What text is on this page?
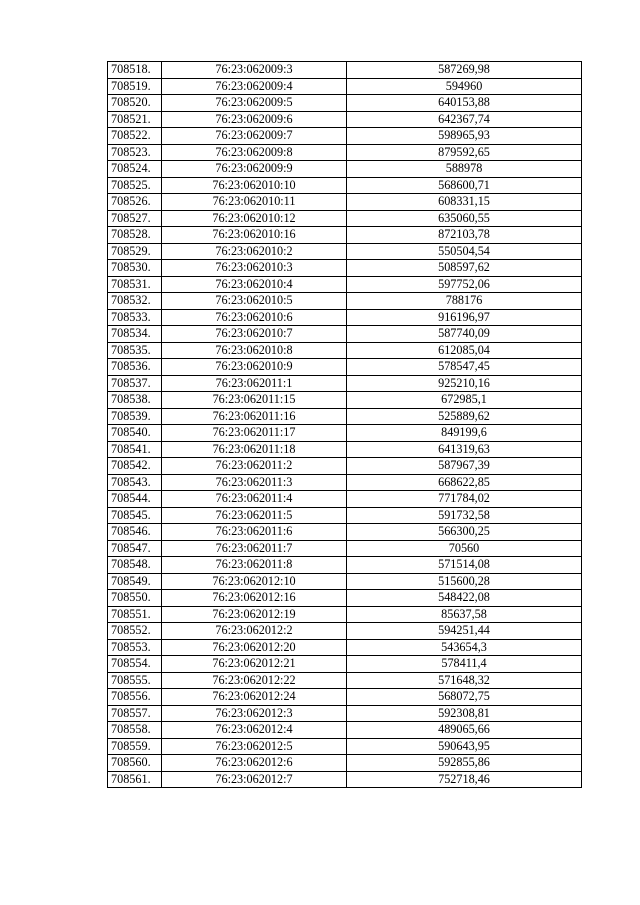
708518.	76:23:062009:3	587269,98
708519.	76:23:062009:4	594960
708520.	76:23:062009:5	640153,88
708521.	76:23:062009:6	642367,74
708522.	76:23:062009:7	598965,93
708523.	76:23:062009:8	879592,65
708524.	76:23:062009:9	588978
708525.	76:23:062010:10	568600,71
708526.	76:23:062010:11	608331,15
708527.	76:23:062010:12	635060,55
708528.	76:23:062010:16	872103,78
708529.	76:23:062010:2	550504,54
708530.	76:23:062010:3	508597,62
708531.	76:23:062010:4	597752,06
708532.	76:23:062010:5	788176
708533.	76:23:062010:6	916196,97
708534.	76:23:062010:7	587740,09
708535.	76:23:062010:8	612085,04
708536.	76:23:062010:9	578547,45
708537.	76:23:062011:1	925210,16
708538.	76:23:062011:15	672985,1
708539.	76:23:062011:16	525889,62
708540.	76:23:062011:17	849199,6
708541.	76:23:062011:18	641319,63
708542.	76:23:062011:2	587967,39
708543.	76:23:062011:3	668622,85
708544.	76:23:062011:4	771784,02
708545.	76:23:062011:5	591732,58
708546.	76:23:062011:6	566300,25
708547.	76:23:062011:7	70560
708548.	76:23:062011:8	571514,08
708549.	76:23:062012:10	515600,28
708550.	76:23:062012:16	548422,08
708551.	76:23:062012:19	85637,58
708552.	76:23:062012:2	594251,44
708553.	76:23:062012:20	543654,3
708554.	76:23:062012:21	578411,4
708555.	76:23:062012:22	571648,32
708556.	76:23:062012:24	568072,75
708557.	76:23:062012:3	592308,81
708558.	76:23:062012:4	489065,66
708559.	76:23:062012:5	590643,95
708560.	76:23:062012:6	592855,86
708561.	76:23:062012:7	752718,46
